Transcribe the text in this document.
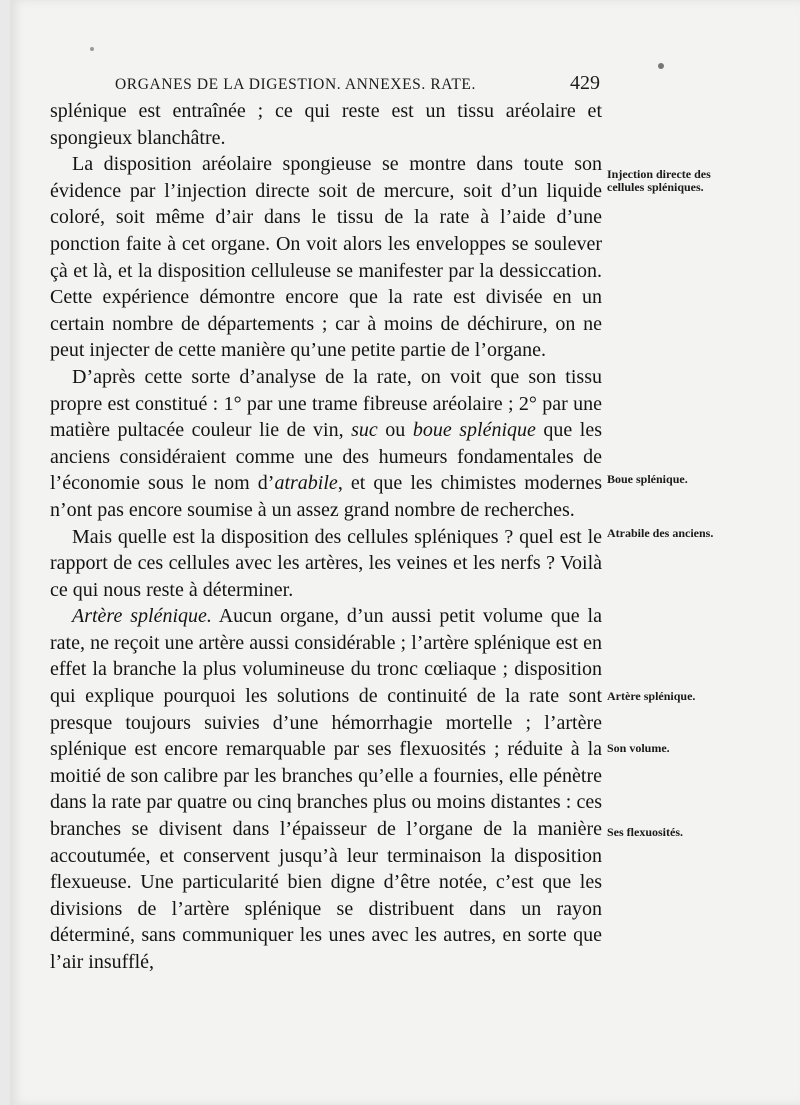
ORGANES DE LA DIGESTION. ANNEXES. RATE.	429

splénique est entraînée ; ce qui reste est un tissu aréolaire et spongieux blanchâtre.

La disposition aréolaire spongieuse se montre dans toute son évidence par l’injection directe soit de mercure, soit d’un liquide coloré, soit même d’air dans le tissu de la rate à l’aide d’une ponction faite à cet organe. On voit alors les enveloppes se soulever çà et là, et la disposition celluleuse se manifester par la dessiccation. Cette expérience démontre encore que la rate est divisée en un certain nombre de départements ; car à moins de déchirure, on ne peut injecter de cette manière qu’une petite partie de l’organe.

D’après cette sorte d’analyse de la rate, on voit que son tissu propre est constitué : 1° par une trame fibreuse aréolaire ; 2° par une matière pultacée couleur lie de vin, suc ou boue splénique que les anciens considéraient comme une des humeurs fondamentales de l’économie sous le nom d’atrabile, et que les chimistes modernes n’ont pas encore soumise à un assez grand nombre de recherches.

Mais quelle est la disposition des cellules spléniques ? quel est le rapport de ces cellules avec les artères, les veines et les nerfs ? Voilà ce qui nous reste à déterminer.

Artère splénique. Aucun organe, d’un aussi petit volume que la rate, ne reçoit une artère aussi considérable ; l’artère splénique est en effet la branche la plus volumineuse du tronc cœliaque ; disposition qui explique pourquoi les solutions de continuité de la rate sont presque toujours suivies d’une hémorrhagie mortelle ; l’artère splénique est encore remarquable par ses flexuosités ; réduite à la moitié de son calibre par les branches qu’elle a fournies, elle pénètre dans la rate par quatre ou cinq branches plus ou moins distantes : ces branches se divisent dans l’épaisseur de l’organe de la manière accoutumée, et conservent jusqu’à leur terminaison la disposition flexueuse. Une particularité bien digne d’être notée, c’est que les divisions de l’artère splénique se distribuent dans un rayon déterminé, sans communiquer les unes avec les autres, en sorte que l’air insufflé,

Injection directe des cellules spléniques.
Boue splénique.
Atrabile des anciens.
Artère splénique.
Son volume.
Ses flexuosités.
